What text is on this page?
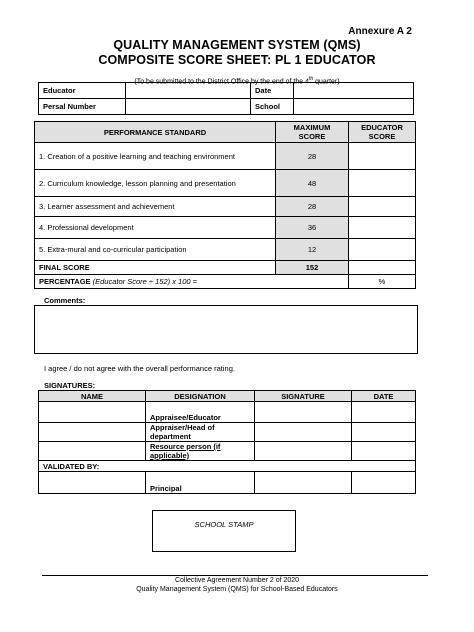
Annexure A 2
QUALITY MANAGEMENT SYSTEM (QMS)
COMPOSITE SCORE SHEET: PL 1 EDUCATOR
(To be submitted to the District Office by the end of the 4th quarter)
Educator		Date	
Persal Number		School	
PERFORMANCE STANDARD	MAXIMUM SCORE	EDUCATOR SCORE
1. Creation of a positive learning and teaching environment	28	
2. Curriculum knowledge, lesson planning and presentation	48	
3. Learner assessment and achievement	28	
4. Professional development	36	
5. Extra-mural and co-curricular participation	12	
FINAL SCORE	152	
PERCENTAGE (Educator Score ÷ 152) x 100 =		%
Comments:
I agree / do not agree with the overall performance rating.
SIGNATURES:
NAME	DESIGNATION	SIGNATURE	DATE
	Appraisee/Educator		
	Appraiser/Head of department		
	Resource person (if applicable)		
VALIDATED BY:			
	Principal		
SCHOOL STAMP
Collective Agreement Number 2 of 2020
Quality Management System (QMS) for School-Based Educators
